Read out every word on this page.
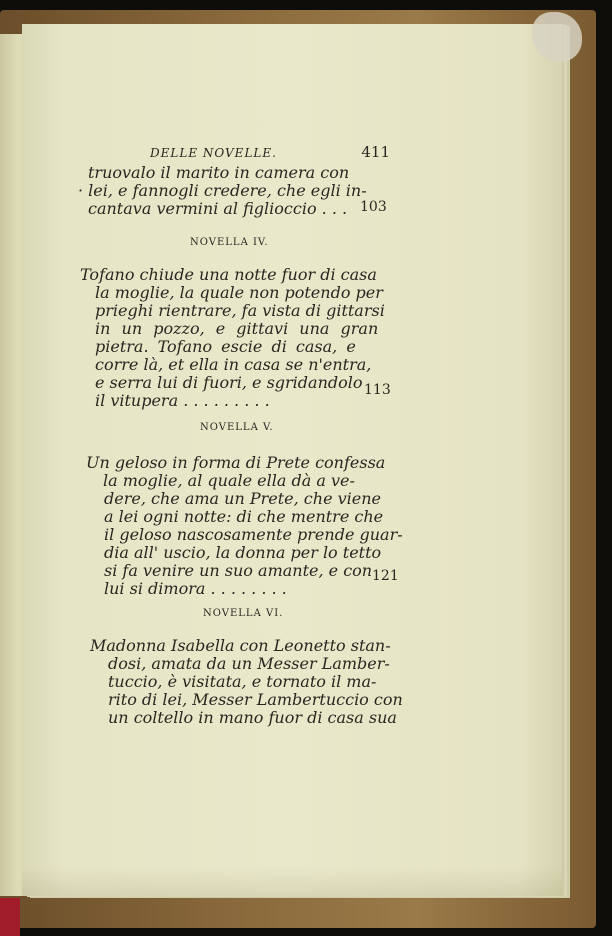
DELLE NOVELLE.	411
truovalo il marito in camera con
· lei, e fannogli credere, che egli in-
cantava vermini al figlioccio . . . 103
NOVELLA IV.
Tofano chiude una notte fuor di casa
la moglie, la quale non potendo per
prieghi rientrare, fa vista di gittarsi
in un pozzo, e gittavi una gran
pietra. Tofano escie di casa, e
corre là, et ella in casa se n'entra,
e serra lui di fuori, e sgridandolo
il vitupera . . . . . . . . .
113
NOVELLA V.
Un geloso in forma di Prete confessa
la moglie, al quale ella dà a ve-
dere, che ama un Prete, che viene
a lei ogni notte: di che mentre che
il geloso nascosamente prende guar-
dia all' uscio, la donna per lo tetto
si fa venire un suo amante, e con
lui si dimora . . . . . . . .
121
NOVELLA VI.
Madonna Isabella con Leonetto stan-
dosi, amata da un Messer Lamber-
tuccio, è visitata, e tornato il ma-
rito di lei, Messer Lambertuccio con
un coltello in mano fuor di casa sua
